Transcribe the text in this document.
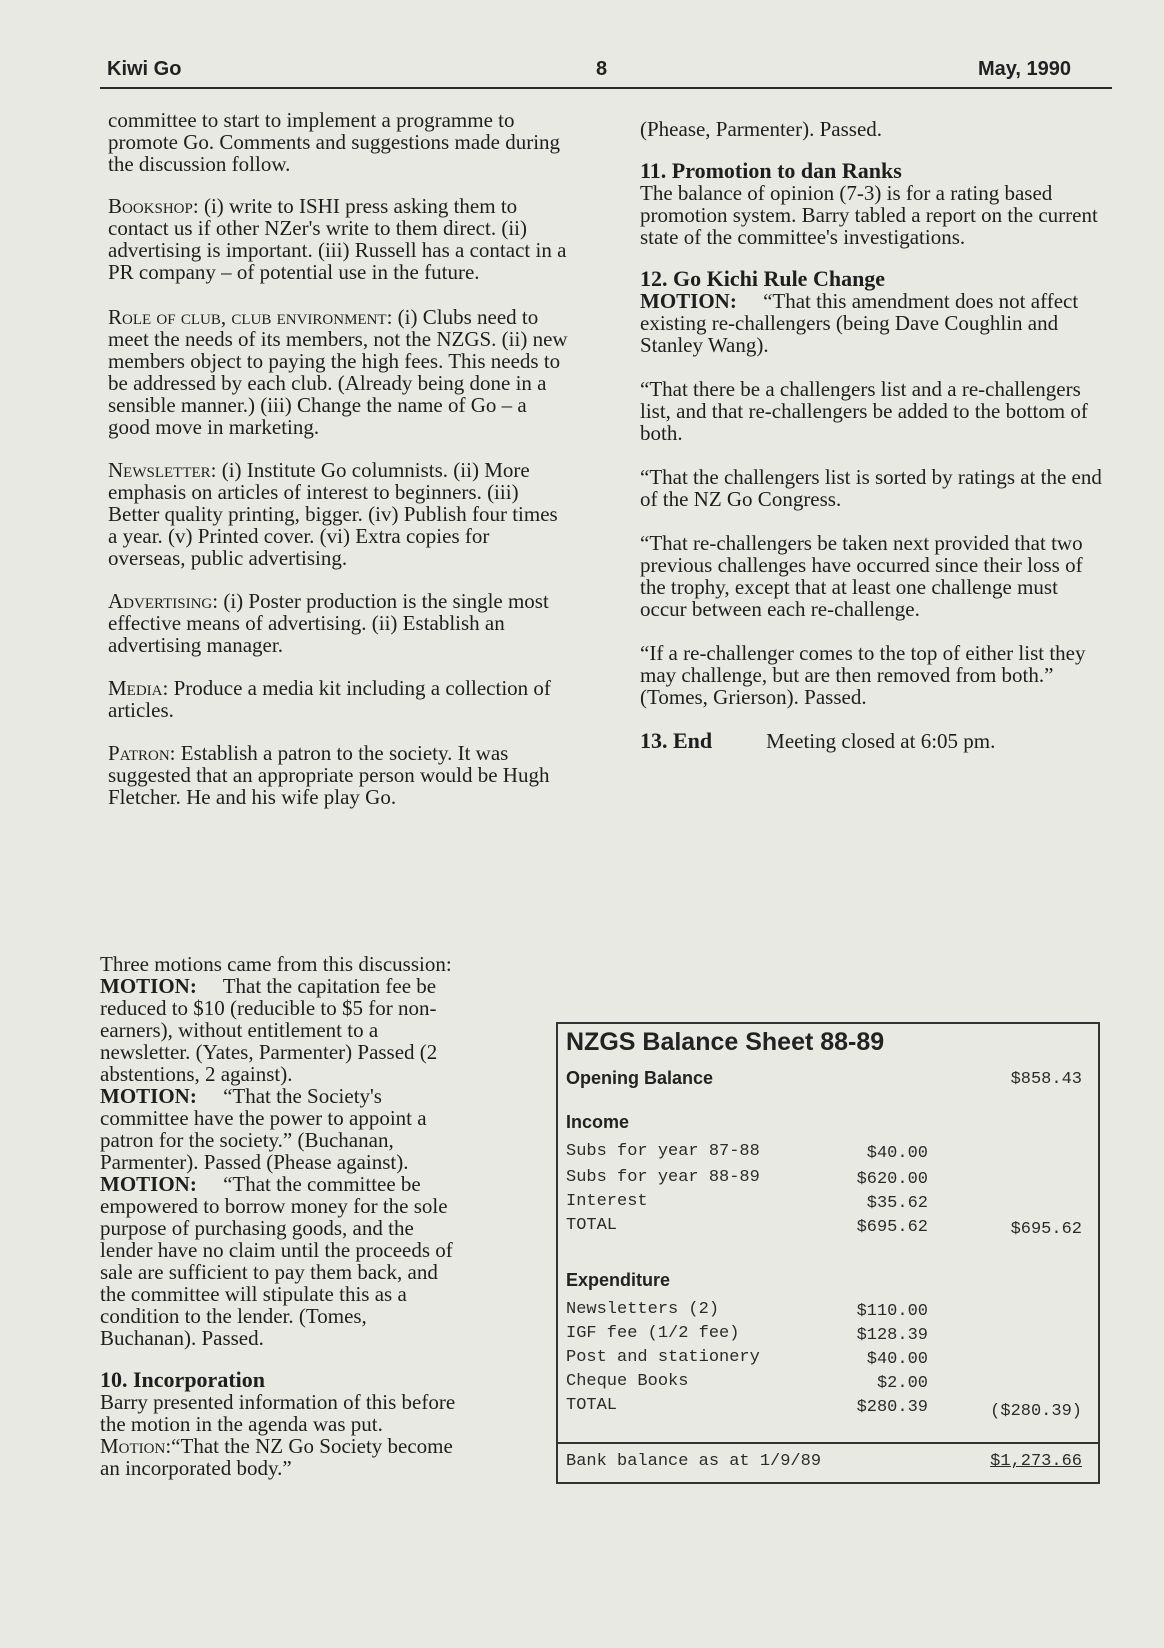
Kiwi Go	8	May, 1990

committee to start to implement a programme to promote Go. Comments and suggestions made during the discussion follow.

Bookshop: (i) write to ISHI press asking them to contact us if other NZer's write to them direct. (ii) advertising is important. (iii) Russell has a contact in a PR company – of potential use in the future.

Role of club, club environment: (i) Clubs need to meet the needs of its members, not the NZGS. (ii) new members object to paying the high fees. This needs to be addressed by each club. (Already being done in a sensible manner.) (iii) Change the name of Go – a good move in marketing.

Newsletter: (i) Institute Go columnists. (ii) More emphasis on articles of interest to beginners. (iii) Better quality printing, bigger. (iv) Publish four times a year. (v) Printed cover. (vi) Extra copies for overseas, public advertising.

Advertising: (i) Poster production is the single most effective means of advertising. (ii) Establish an advertising manager.

Media: Produce a media kit including a collection of articles.

Patron: Establish a patron to the society. It was suggested that an appropriate person would be Hugh Fletcher. He and his wife play Go.

Three motions came from this discussion:

MOTION: That the capitation fee be reduced to $10 (reducible to $5 for non-earners), without entitlement to a newsletter. (Yates, Parmenter) Passed (2 abstentions, 2 against).

MOTION: “That the Society's committee have the power to appoint a patron for the society.” (Buchanan, Parmenter). Passed (Phease against).

MOTION: “That the committee be empowered to borrow money for the sole purpose of purchasing goods, and the lender have no claim until the proceeds of sale are sufficient to pay them back, and the committee will stipulate this as a condition to the lender. (Tomes, Buchanan). Passed.

10. Incorporation

Barry presented information of this before the motion in the agenda was put.

Motion:“That the NZ Go Society become an incorporated body.”

(Phease, Parmenter). Passed.

11. Promotion to dan Ranks

The balance of opinion (7-3) is for a rating based promotion system. Barry tabled a report on the current state of the committee's investigations.

12. Go Kichi Rule Change

MOTION: “That this amendment does not affect existing re-challengers (being Dave Coughlin and Stanley Wang).

“That there be a challengers list and a re-challengers list, and that re-challengers be added to the bottom of both.

“That the challengers list is sorted by ratings at the end of the NZ Go Congress.

“That re-challengers be taken next provided that two previous challenges have occurred since their loss of the trophy, except that at least one challenge must occur between each re-challenge.

“If a re-challenger comes to the top of either list they may challenge, but are then removed from both.” (Tomes, Grierson). Passed.

13. End	Meeting closed at 6:05 pm.

NZGS Balance Sheet 88-89
Opening Balance	$858.43
Income
Subs for year 87-88	$40.00
Subs for year 88-89	$620.00
Interest	$35.62
TOTAL	$695.62	$695.62
Expenditure
Newsletters (2)	$110.00
IGF fee (1/2 fee)	$128.39
Post and stationery	$40.00
Cheque Books	$2.00
TOTAL	$280.39	($280.39)
Bank balance as at 1/9/89	$1,273.66
